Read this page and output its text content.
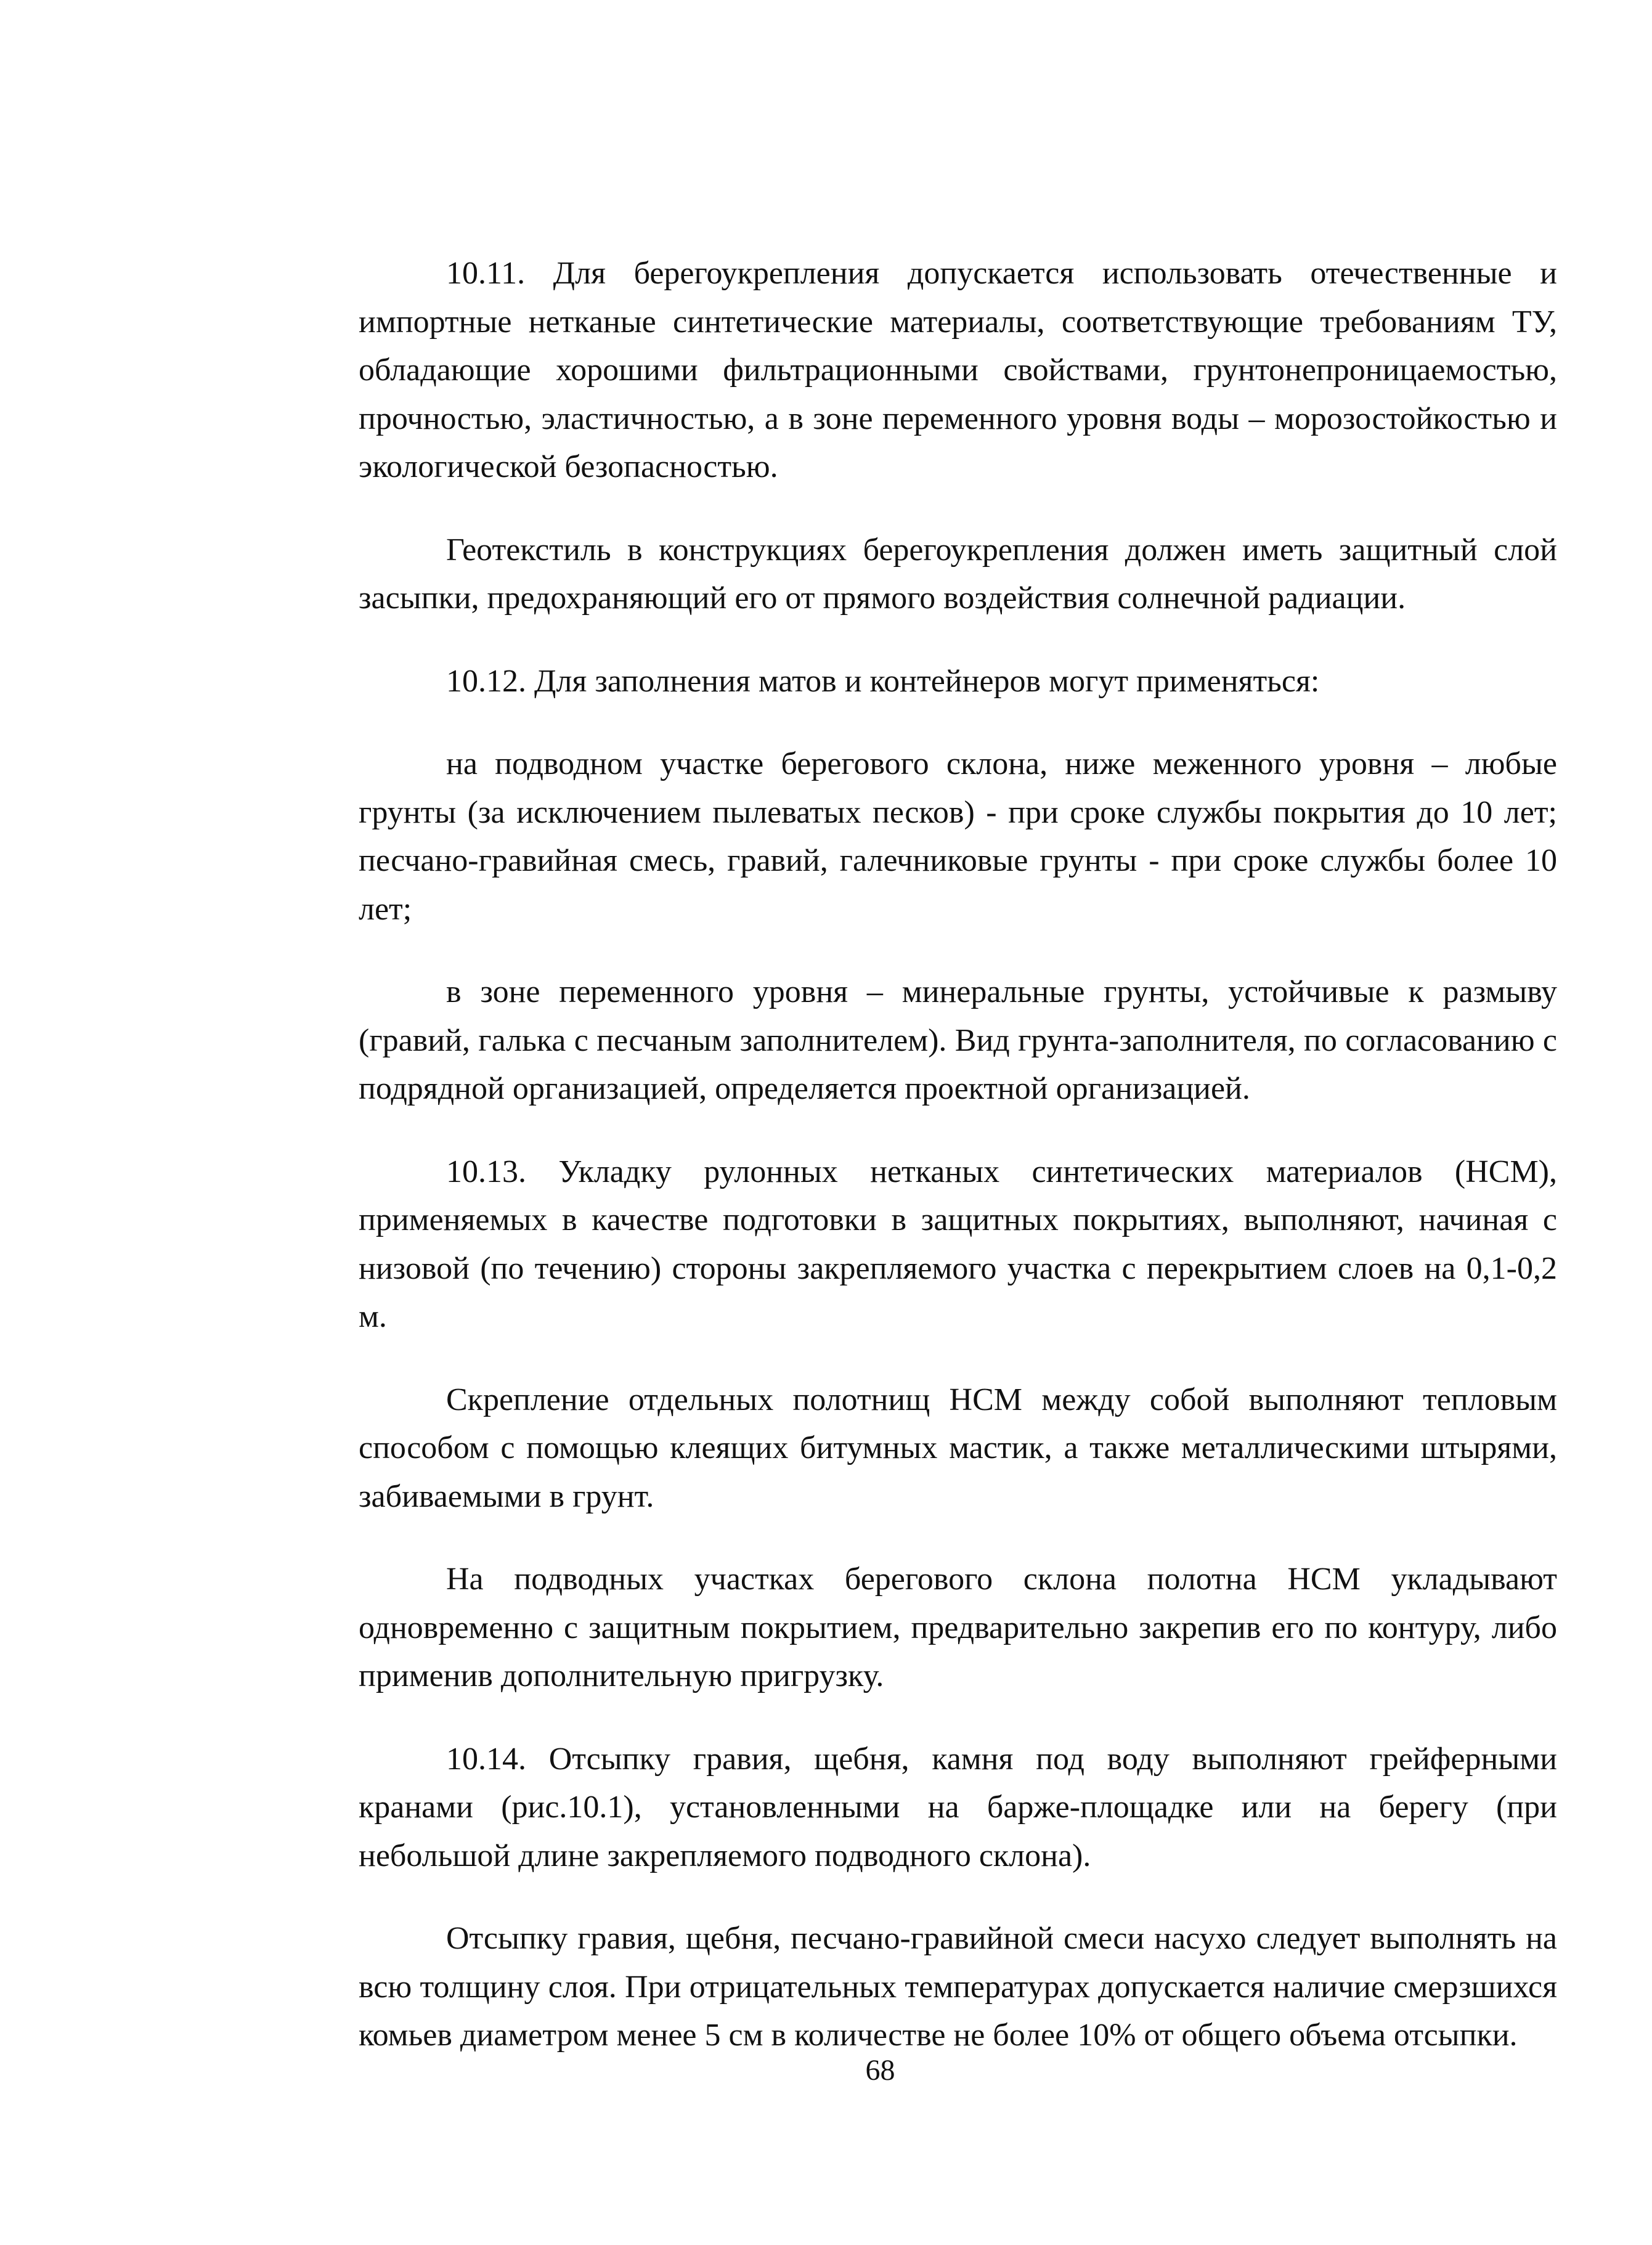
10.11. Для берегоукрепления допускается использовать отечественные и импортные нетканые синтетические материалы, соответствующие требованиям ТУ, обладающие хорошими фильтрационными свойствами, грунтонепроницаемостью, прочностью, эластичностью, а в зоне переменного уровня воды – морозостойкостью и экологической безопасностью.

Геотекстиль в конструкциях берегоукрепления должен иметь защитный слой засыпки, предохраняющий его от прямого воздействия солнечной радиации.

10.12. Для заполнения матов и контейнеров могут применяться:

на подводном участке берегового склона, ниже меженного уровня – любые грунты (за исключением пылеватых песков) - при сроке службы покрытия до 10 лет; песчано-гравийная смесь, гравий, галечниковые грунты - при сроке службы более 10 лет;

в зоне переменного уровня – минеральные грунты, устойчивые к размыву (гравий, галька с песчаным заполнителем). Вид грунта-заполнителя, по согласованию с подрядной организацией, определяется проектной организацией.

10.13. Укладку рулонных нетканых синтетических материалов (НСМ), применяемых в качестве подготовки в защитных покрытиях, выполняют, начиная с низовой (по течению) стороны закрепляемого участка с перекрытием слоев на 0,1-0,2 м.

Скрепление отдельных полотнищ НСМ между собой выполняют тепловым способом с помощью клеящих битумных мастик, а также металлическими штырями, забиваемыми в грунт.

На подводных участках берегового склона полотна НСМ укладывают одновременно с защитным покрытием, предварительно закрепив его по контуру, либо применив дополнительную пригрузку.

10.14. Отсыпку гравия, щебня, камня под воду выполняют грейферными кранами (рис.10.1), установленными на барже-площадке или на берегу (при небольшой длине закрепляемого подводного склона).

Отсыпку гравия, щебня, песчано-гравийной смеси насухо следует выполнять на всю толщину слоя. При отрицательных температурах допускается наличие смерзшихся комьев диаметром менее 5 см в количестве не более 10% от общего объема отсыпки.

68
